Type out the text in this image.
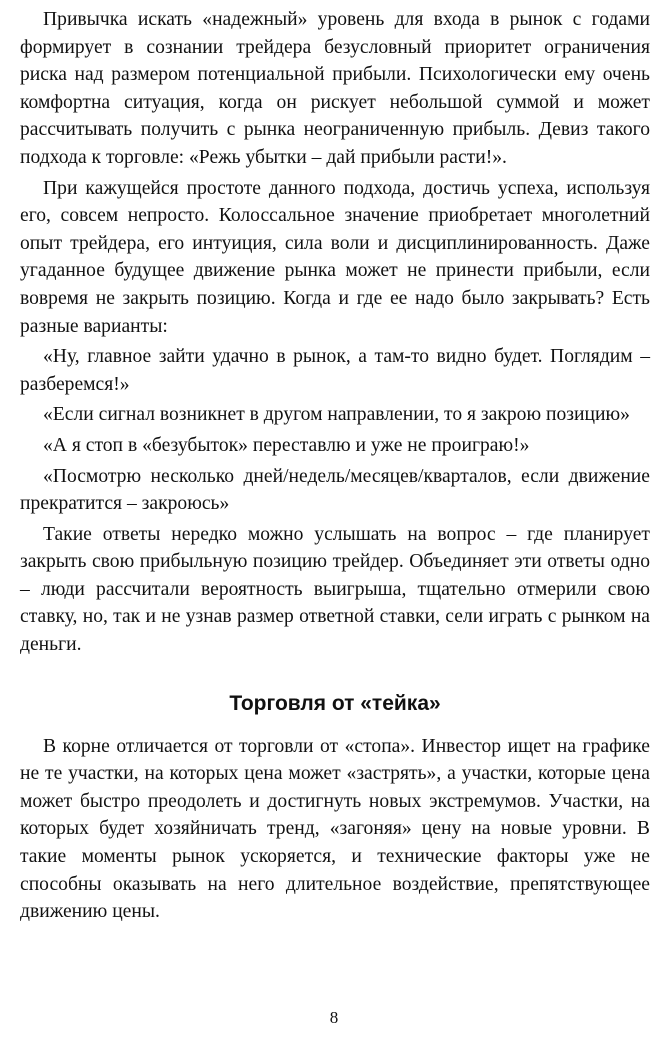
Привычка искать «надежный» уровень для входа в рынок с годами формирует в сознании трейдера безусловный приоритет ограничения риска над размером потенциальной прибыли. Психологически ему очень комфортна ситуация, когда он рискует небольшой суммой и может рассчитывать получить с рынка неограниченную прибыль. Девиз такого подхода к торговле: «Режь убытки – дай прибыли расти!».

При кажущейся простоте данного подхода, достичь успеха, используя его, совсем непросто. Колоссальное значение приобретает многолетний опыт трейдера, его интуиция, сила воли и дисциплинированность. Даже угаданное будущее движение рынка может не принести прибыли, если вовремя не закрыть позицию. Когда и где ее надо было закрывать? Есть разные варианты:

«Ну, главное зайти удачно в рынок, а там-то видно будет. Поглядим – разберемся!»

«Если сигнал возникнет в другом направлении, то я закрою позицию»

«А я стоп в «безубыток» переставлю и уже не проиграю!»

«Посмотрю несколько дней/недель/месяцев/кварталов, если движение прекратится – закроюсь»

Такие ответы нередко можно услышать на вопрос – где планирует закрыть свою прибыльную позицию трейдер. Объединяет эти ответы одно – люди рассчитали вероятность выигрыша, тщательно отмерили свою ставку, но, так и не узнав размер ответной ставки, сели играть с рынком на деньги.

Торговля от «тейка»

В корне отличается от торговли от «стопа». Инвестор ищет на графике не те участки, на которых цена может «застрять», а участки, которые цена может быстро преодолеть и достигнуть новых экстремумов. Участки, на которых будет хозяйничать тренд, «загоняя» цену на новые уровни. В такие моменты рынок ускоряется, и технические факторы уже не способны оказывать на него длительное воздействие, препятствующее движению цены.

8
